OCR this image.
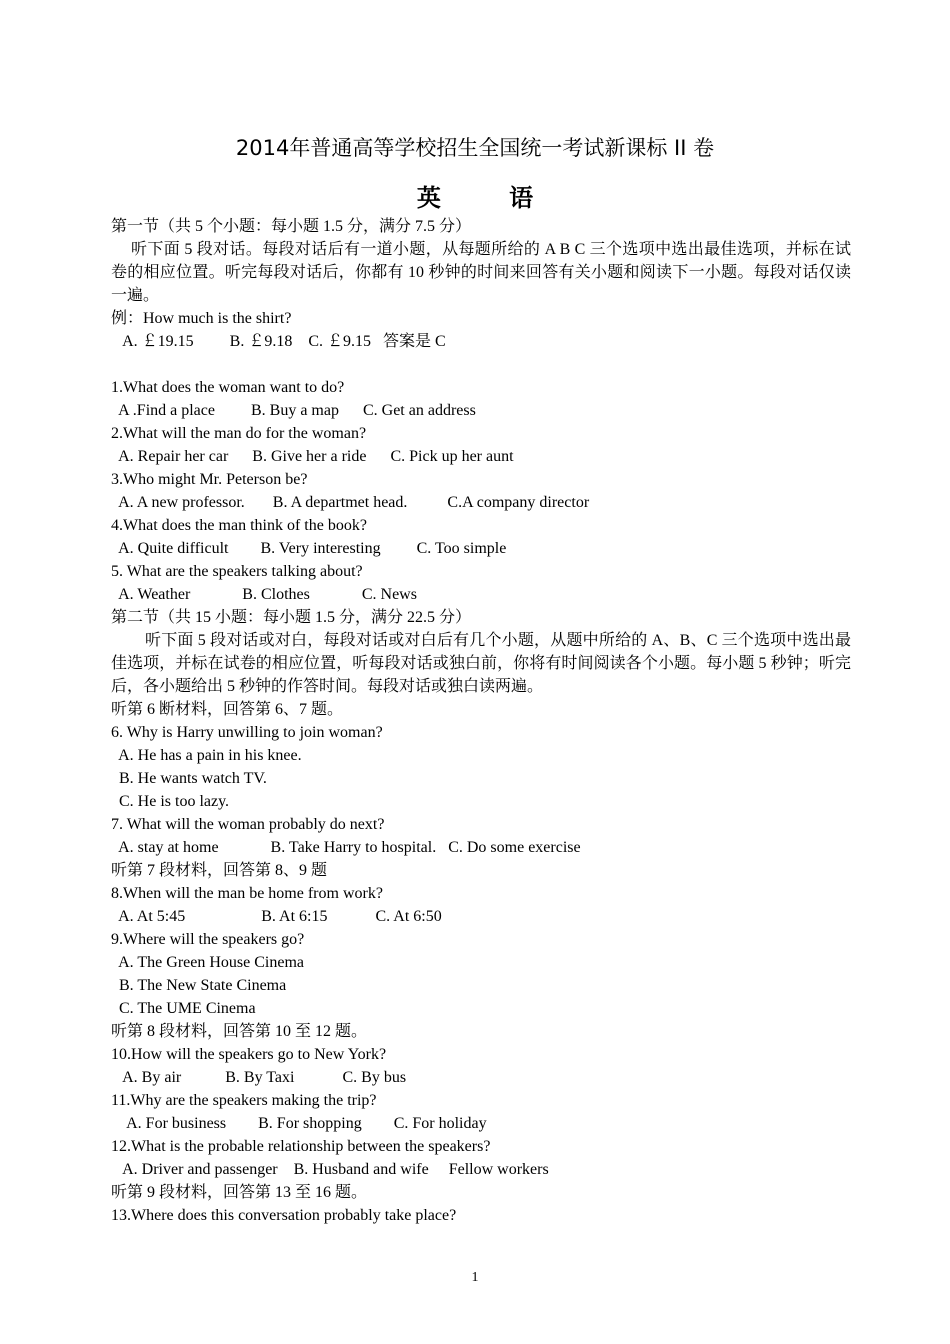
2014年普通高等学校招生全国统一考试新课标 II 卷
英 语
第一节（共 5 个小题：每小题 1.5 分，满分 7.5 分）
听下面 5 段对话。每段对话后有一道小题，从每题所给的 A B C 三个选项中选出最佳选项，并标在试卷的相应位置。听完每段对话后，你都有 10 秒钟的时间来回答有关小题和阅读下一小题。每段对话仅读一遍。
例：How much is the shirt?
A. ￡19.15         B. ￡9.18    C. ￡9.15   答案是 C
1.What does the woman want to do?
A .Find a place         B. Buy a map      C. Get an address
2.What will the man do for the woman?
A. Repair her car      B. Give her a ride      C. Pick up her aunt
3.Who might Mr. Peterson be?
A. A new professor.       B. A departmet head.          C.A company director
4.What does the man think of the book?
A. Quite difficult        B. Very interesting         C. Too simple
5. What are the speakers talking about?
A. Weather             B. Clothes             C. News
第二节（共 15 小题：每小题 1.5 分，满分 22.5 分）
听下面 5 段对话或对白，每段对话或对白后有几个小题，从题中所给的 A、B、C 三个选项中选出最佳选项，并标在试卷的相应位置，听每段对话或独白前，你将有时间阅读各个小题。每小题 5 秒钟；听完后，各小题给出 5 秒钟的作答时间。每段对话或独白读两遍。
听第 6 断材料，回答第 6、7 题。
6. Why is Harry unwilling to join woman?
A. He has a pain in his knee.
B. He wants watch TV.
C. He is too lazy.
7. What will the woman probably do next?
A. stay at home             B. Take Harry to hospital.   C. Do some exercise
听第 7 段材料，回答第 8、9 题
8.When will the man be home from work?
A. At 5:45                   B. At 6:15            C. At 6:50
9.Where will the speakers go?
A. The Green House Cinema
B. The New State Cinema
C. The UME Cinema
听第 8 段材料，回答第 10 至 12 题。
10.How will the speakers go to New York?
A. By air           B. By Taxi            C. By bus
11.Why are the speakers making the trip?
A. For business        B. For shopping        C. For holiday
12.What is the probable relationship between the speakers?
A. Driver and passenger    B. Husband and wife     Fellow workers
听第 9 段材料，回答第 13 至 16 题。
13.Where does this conversation probably take place?
1
